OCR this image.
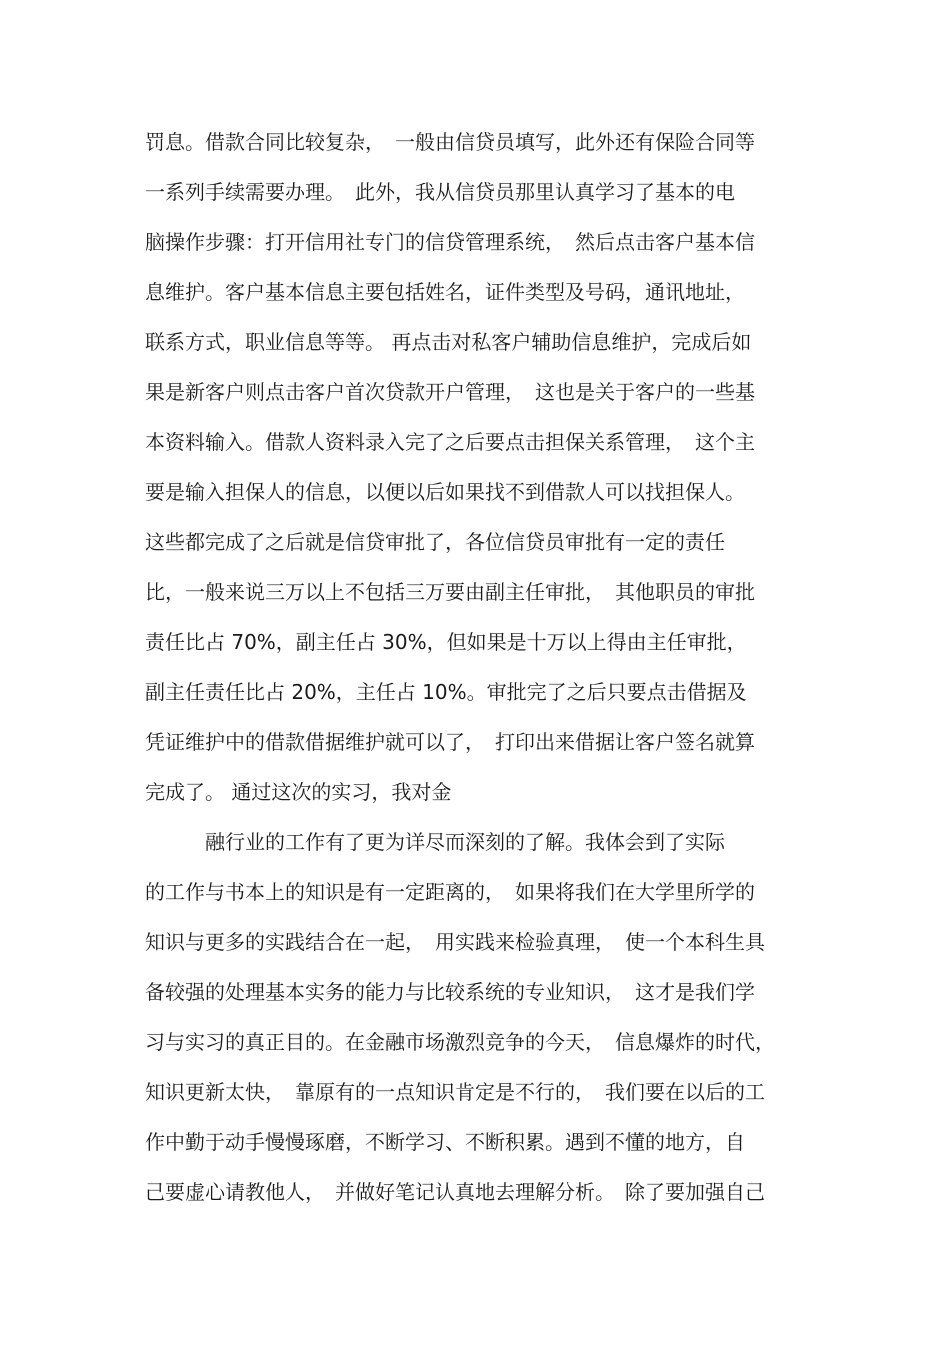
罚息。借款合同比较复杂，　一般由信贷员填写，此外还有保险合同等
一系列手续需要办理。　此外，我从信贷员那里认真学习了基本的电
脑操作步骤：打开信用社专门的信贷管理系统，　然后点击客户基本信
息维护。客户基本信息主要包括姓名，证件类型及号码，通讯地址，
联系方式，职业信息等等。 再点击对私客户辅助信息维护，完成后如
果是新客户则点击客户首次贷款开户管理，　这也是关于客户的一些基
本资料输入。借款人资料录入完了之后要点击担保关系管理，　这个主
要是输入担保人的信息，以便以后如果找不到借款人可以找担保人。
这些都完成了之后就是信贷审批了，各位信贷员审批有一定的责任
比，一般来说三万以上不包括三万要由副主任审批，　其他职员的审批
责任比占 70%，副主任占 30%，但如果是十万以上得由主任审批，
副主任责任比占 20%，主任占 10%。审批完了之后只要点击借据及
凭证维护中的借款借据维护就可以了，　打印出来借据让客户签名就算
完成了。 通过这次的实习，我对金
　　　融行业的工作有了更为详尽而深刻的了解。我体会到了实际
的工作与书本上的知识是有一定距离的，　如果将我们在大学里所学的
知识与更多的实践结合在一起，　用实践来检验真理，　使一个本科生具
备较强的处理基本实务的能力与比较系统的专业知识，　这才是我们学
习与实习的真正目的。在金融市场激烈竞争的今天，　信息爆炸的时代，
知识更新太快，　靠原有的一点知识肯定是不行的，　我们要在以后的工
作中勤于动手慢慢琢磨，不断学习、不断积累。遇到不懂的地方，自
己要虚心请教他人，　并做好笔记认真地去理解分析。　除了要加强自己
